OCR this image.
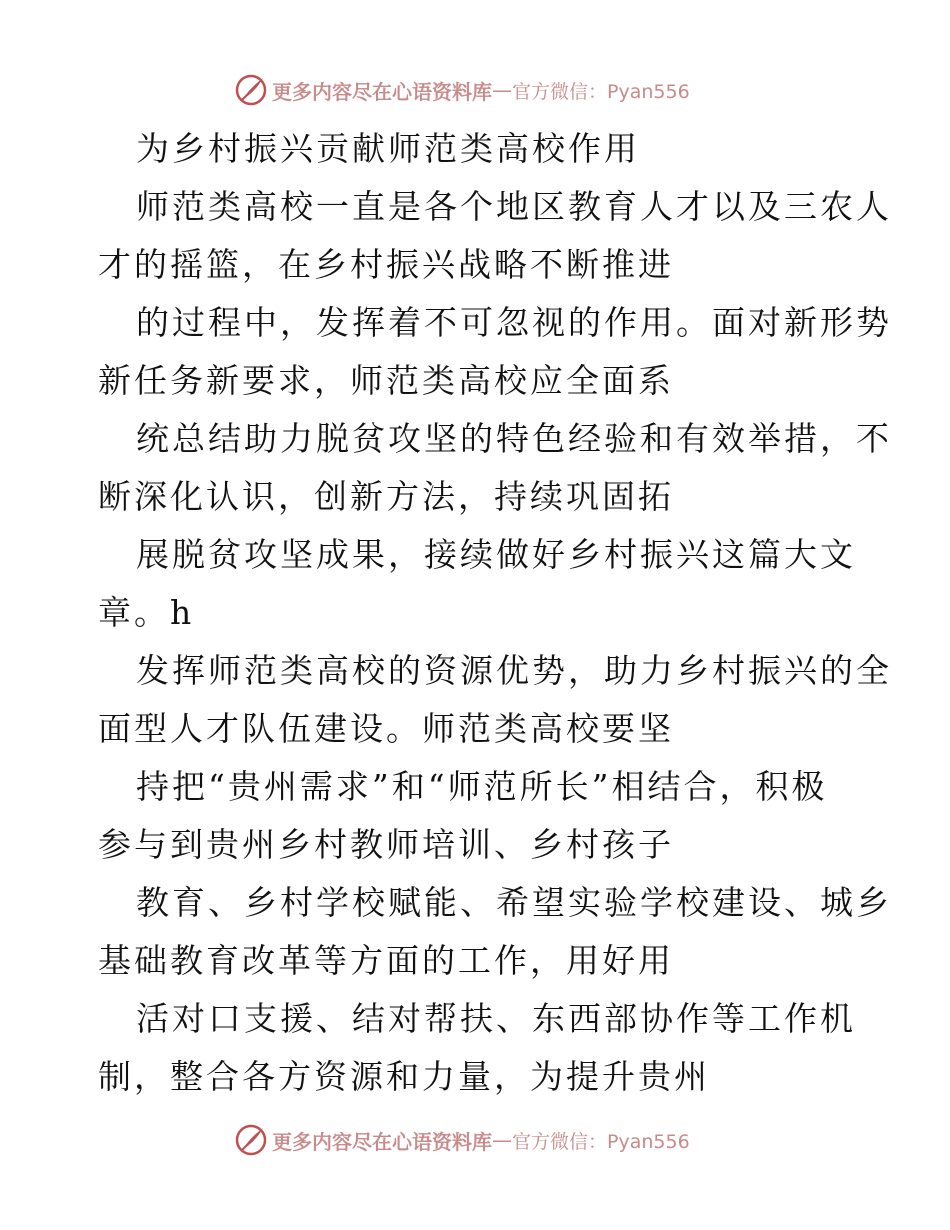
更多内容尽在心语资料库 — 官方微信：Pyan556
为乡村振兴贡献师范类高校作用
师范类高校一直是各个地区教育人才以及三农人
才的摇篮，在乡村振兴战略不断推进
的过程中，发挥着不可忽视的作用。面对新形势
新任务新要求，师范类高校应全面系
统总结助力脱贫攻坚的特色经验和有效举措，不
断深化认识，创新方法，持续巩固拓
展脱贫攻坚成果，接续做好乡村振兴这篇大文
章。h
发挥师范类高校的资源优势，助力乡村振兴的全
面型人才队伍建设。师范类高校要坚
持把“贵州需求”和“师范所长”相结合，积极
参与到贵州乡村教师培训、乡村孩子
教育、乡村学校赋能、希望实验学校建设、城乡
基础教育改革等方面的工作，用好用
活对口支援、结对帮扶、东西部协作等工作机
制，整合各方资源和力量，为提升贵州
更多内容尽在心语资料库 — 官方微信：Pyan556
